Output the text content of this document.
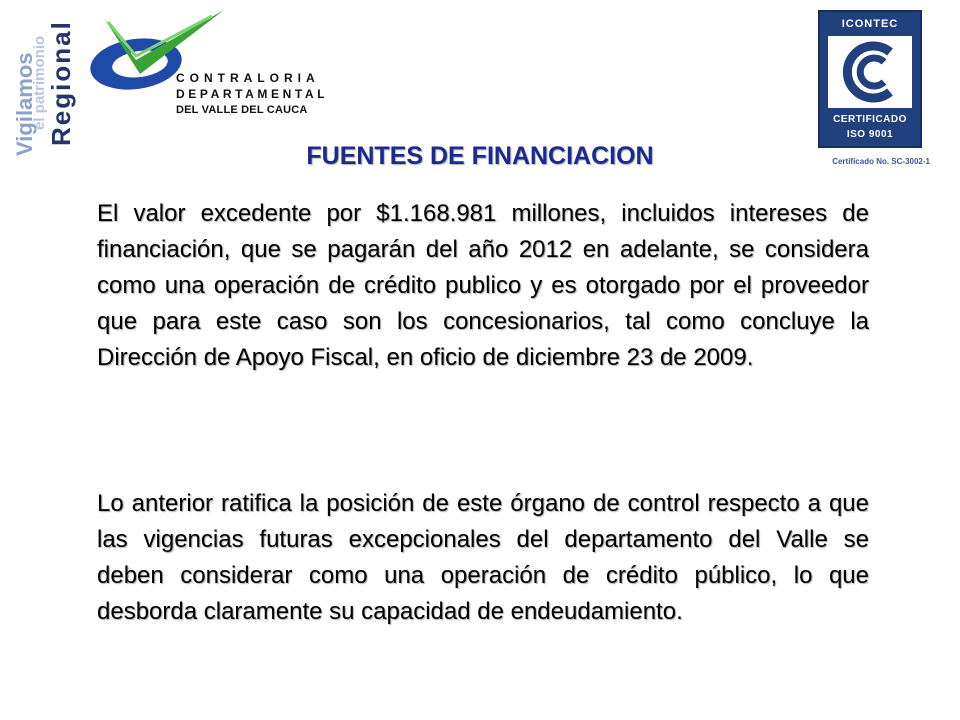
Vigilamos
el patrimonio
Regional	CONTRALORIA
DEPARTAMENTAL
DEL VALLE DEL CAUCA
ICONTEC
CERTIFICADO
ISO 9001
Certificado No. SC-3002-1
FUENTES DE FINANCIACION
El valor excedente por $1.168.981 millones, incluidos intereses de financiación, que se pagarán del año 2012 en adelante, se considera como una operación de crédito publico y es otorgado por el proveedor que para este caso son los concesionarios, tal como concluye la Dirección de Apoyo Fiscal, en oficio de diciembre 23 de 2009.
Lo anterior ratifica la posición de este órgano de control respecto a que las vigencias futuras excepcionales del departamento del Valle se deben considerar como una operación de crédito público, lo que desborda claramente su capacidad de endeudamiento.
